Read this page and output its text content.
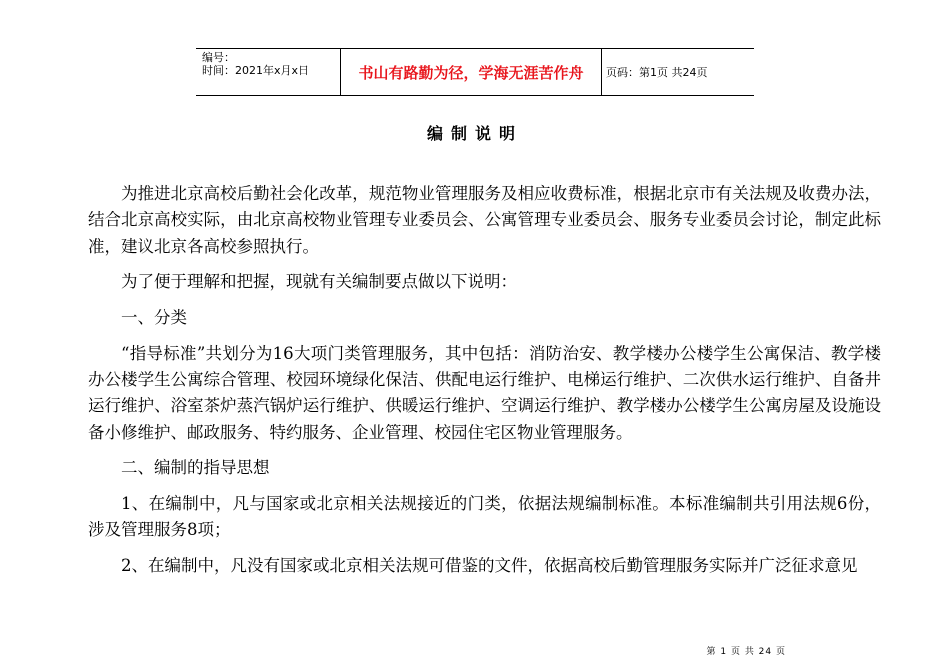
编号：
时间：2021年x月x日	书山有路勤为径，学海无涯苦作舟	页码：第1页 共24页
编制说明

为推进北京高校后勤社会化改革，规范物业管理服务及相应收费标准，根据北京市有关法规及收费办法，结合北京高校实际，由北京高校物业管理专业委员会、公寓管理专业委员会、服务专业委员会讨论，制定此标准，建议北京各高校参照执行。

为了便于理解和把握，现就有关编制要点做以下说明：

一、分类

“指导标准”共划分为16大项门类管理服务，其中包括：消防治安、教学楼办公楼学生公寓保洁、教学楼办公楼学生公寓综合管理、校园环境绿化保洁、供配电运行维护、电梯运行维护、二次供水运行维护、自备井运行维护、浴室茶炉蒸汽锅炉运行维护、供暖运行维护、空调运行维护、教学楼办公楼学生公寓房屋及设施设备小修维护、邮政服务、特约服务、企业管理、校园住宅区物业管理服务。

二、编制的指导思想

1、在编制中，凡与国家或北京相关法规接近的门类，依据法规编制标准。本标准编制共引用法规6份，涉及管理服务8项；

2、在编制中，凡没有国家或北京相关法规可借鉴的文件，依据高校后勤管理服务实际并广泛征求意见

第 1 页 共 24 页
